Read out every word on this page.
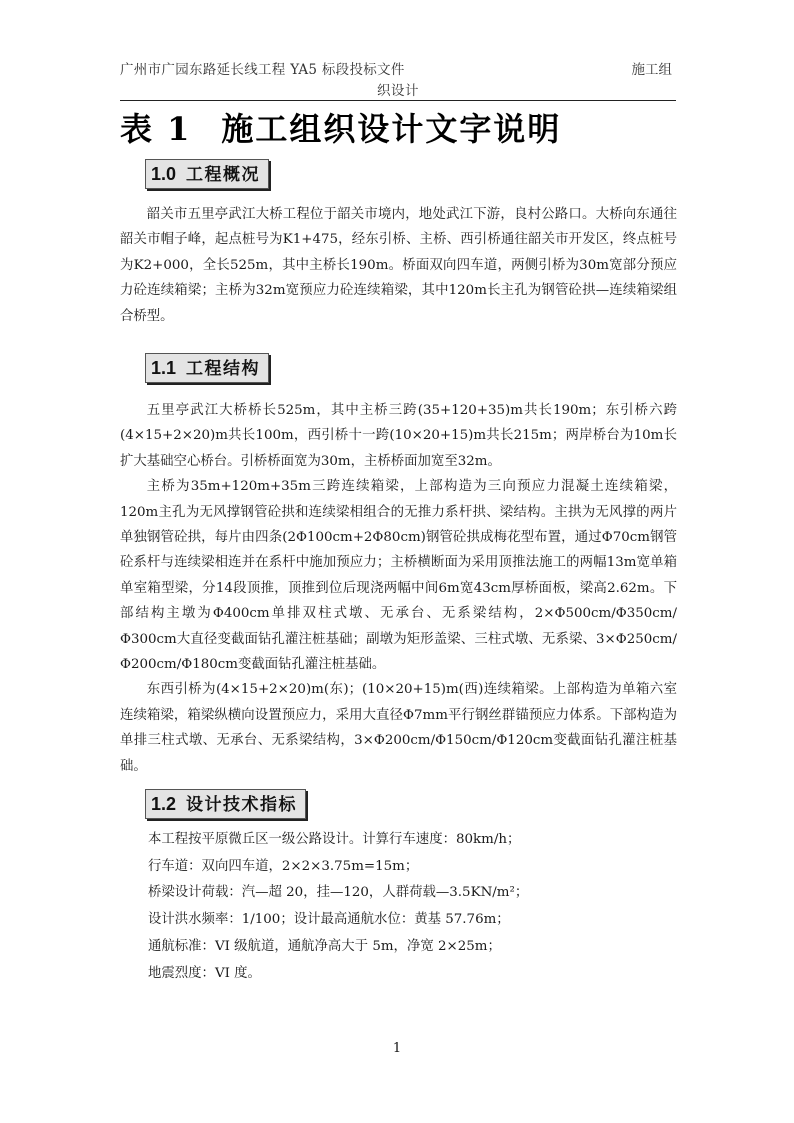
广州市广园东路延长线工程 YA5 标段投标文件	施工组
织设计
表 1 施工组织设计文字说明
1.0 工程概况

韶关市五里亭武江大桥工程位于韶关市境内，地处武江下游，良村公路口。大桥向东通往韶关市帽子峰，起点桩号为K1+475，经东引桥、主桥、西引桥通往韶关市开发区，终点桩号为K2+000，全长525m，其中主桥长190m。桥面双向四车道，两侧引桥为30m宽部分预应力砼连续箱梁；主桥为32m宽预应力砼连续箱梁，其中120m长主孔为钢管砼拱—连续箱梁组合桥型。

1.1 工程结构

五里亭武江大桥桥长525m，其中主桥三跨(35+120+35)m共长190m；东引桥六跨(4×15+2×20)m共长100m，西引桥十一跨(10×20+15)m共长215m；两岸桥台为10m长扩大基础空心桥台。引桥桥面宽为30m，主桥桥面加宽至32m。

主桥为35m+120m+35m三跨连续箱梁，上部构造为三向预应力混凝土连续箱梁，120m主孔为无风撑钢管砼拱和连续梁相组合的无推力系杆拱、梁结构。主拱为无风撑的两片单独钢管砼拱，每片由四条(2Φ100cm+2Φ80cm)钢管砼拱成梅花型布置，通过Φ70cm钢管砼系杆与连续梁相连并在系杆中施加预应力；主桥横断面为采用顶推法施工的两幅13m宽单箱单室箱型梁，分14段顶推，顶推到位后现浇两幅中间6m宽43cm厚桥面板，梁高2.62m。下部结构主墩为Φ400cm单排双柱式墩、无承台、无系梁结构，2×Φ500cm/Φ350cm/Φ300cm大直径变截面钻孔灌注桩基础；副墩为矩形盖梁、三柱式墩、无系梁、3×Φ250cm/Φ200cm/Φ180cm变截面钻孔灌注桩基础。

东西引桥为(4×15+2×20)m(东)；(10×20+15)m(西)连续箱梁。上部构造为单箱六室连续箱梁，箱梁纵横向设置预应力，采用大直径Φ7mm平行钢丝群锚预应力体系。下部构造为单排三柱式墩、无承台、无系梁结构，3×Φ200cm/Φ150cm/Φ120cm变截面钻孔灌注桩基础。

1.2 设计技术指标
本工程按平原微丘区一级公路设计。计算行车速度：80km/h；
行车道：双向四车道，2×2×3.75m=15m；
桥梁设计荷载：汽—超 20，挂—120，人群荷载—3.5KN/m²；
设计洪水频率：1/100；设计最高通航水位：黄基 57.76m；
通航标准：VI 级航道，通航净高大于 5m，净宽 2×25m；
地震烈度：VI 度。
1
